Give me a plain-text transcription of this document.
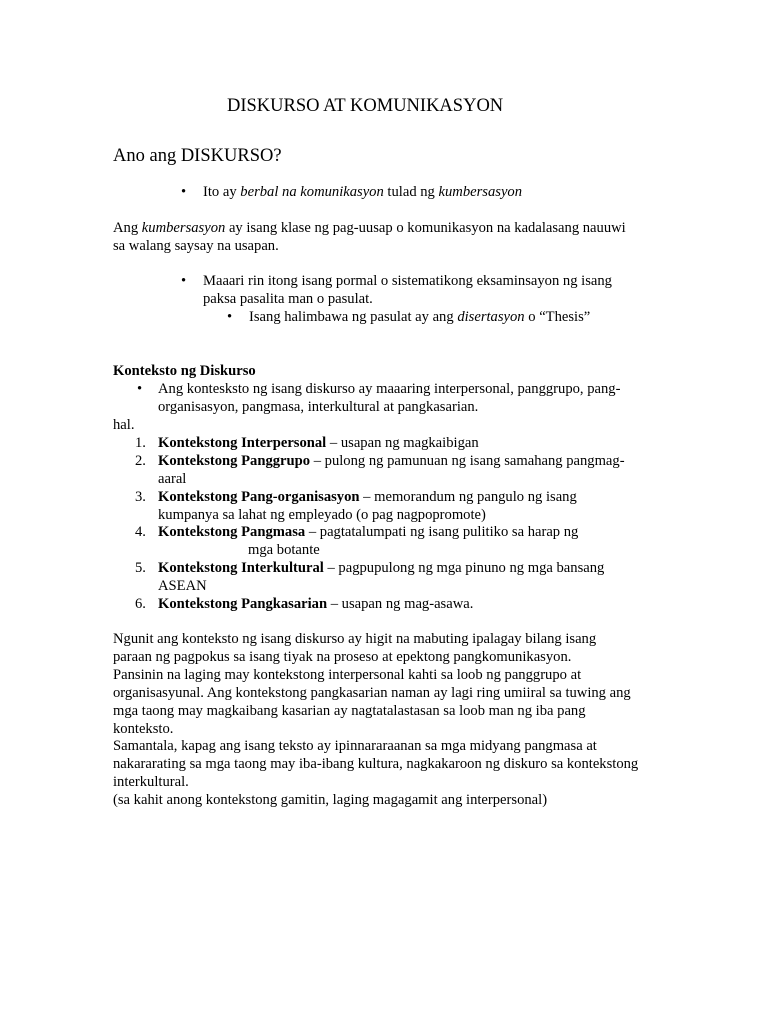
DISKURSO AT KOMUNIKASYON
Ano ang DISKURSO?
• Ito ay berbal na komunikasyon tulad ng kumbersasyon
Ang kumbersasyon ay isang klase ng pag-uusap o komunikasyon na kadalasang nauuwi
sa walang saysay na usapan.
• Maaari rin itong isang pormal o sistematikong eksaminsayon ng isang
paksa pasalita man o pasulat.
• Isang halimbawa ng pasulat ay ang disertasyon o “Thesis”
Konteksto ng Diskurso
• Ang kontesksto ng isang diskurso ay maaaring interpersonal, panggrupo, pang-
organisasyon, pangmasa, interkultural at pangkasarian.
hal.
1. Kontekstong Interpersonal – usapan ng magkaibigan
2. Kontekstong Panggrupo – pulong ng pamunuan ng isang samahang pangmag-
aaral
3. Kontekstong Pang-organisasyon – memorandum ng pangulo ng isang
kumpanya sa lahat ng empleyado (o pag nagpopromote)
4. Kontekstong Pangmasa – pagtatalumpati ng isang pulitiko sa harap ng
mga botante
5. Kontekstong Interkultural – pagpupulong ng mga pinuno ng mga bansang
ASEAN
6. Kontekstong Pangkasarian – usapan ng mag-asawa.
Ngunit ang konteksto ng isang diskurso ay higit na mabuting ipalagay bilang isang
paraan ng pagpokus sa isang tiyak na proseso at epektong pangkomunikasyon.
Pansinin na laging may kontekstong interpersonal kahti sa loob ng panggrupo at
organisasyunal. Ang kontekstong pangkasarian naman ay lagi ring umiiral sa tuwing ang
mga taong may magkaibang kasarian ay nagtatalastasan sa loob man ng iba pang
konteksto.
Samantala, kapag ang isang teksto ay ipinnararaanan sa mga midyang pangmasa at
nakararating sa mga taong may iba-ibang kultura, nagkakaroon ng diskuro sa kontekstong
interkultural.
(sa kahit anong kontekstong gamitin, laging magagamit ang interpersonal)
